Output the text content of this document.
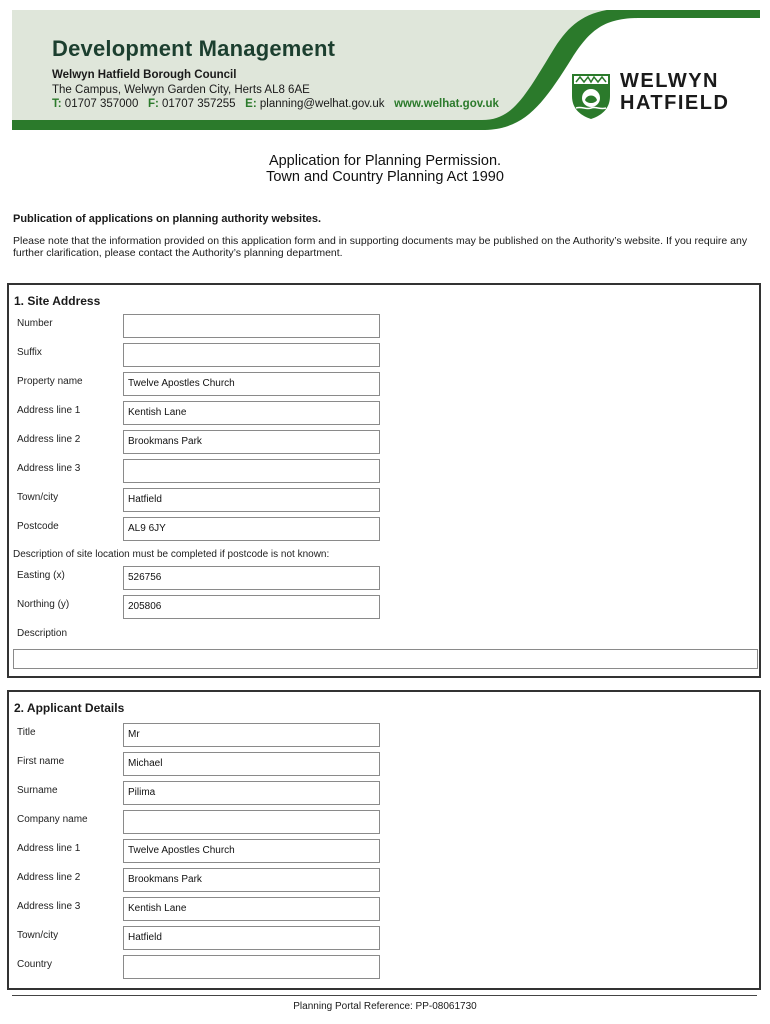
Development Management
Welwyn Hatfield Borough Council
The Campus, Welwyn Garden City, Herts AL8 6AE
T: 01707 357000 F: 01707 357255 E: planning@welhat.gov.uk www.welhat.gov.uk
WELWYN
HATFIELD
Application for Planning Permission.
Town and Country Planning Act 1990
Publication of applications on planning authority websites.
Please note that the information provided on this application form and in supporting documents may be published on the Authority’s website. If you require any further clarification, please contact the Authority’s planning department.
1. Site Address
Number
Suffix
Property name	Twelve Apostles Church
Address line 1	Kentish Lane
Address line 2	Brookmans Park
Address line 3
Town/city	Hatfield
Postcode	AL9 6JY
Description of site location must be completed if postcode is not known:
Easting (x)	526756
Northing (y)	205806
Description
2. Applicant Details
Title	Mr
First name	Michael
Surname	Pilima
Company name
Address line 1	Twelve Apostles Church
Address line 2	Brookmans Park
Address line 3	Kentish Lane
Town/city	Hatfield
Country
Planning Portal Reference: PP-08061730
